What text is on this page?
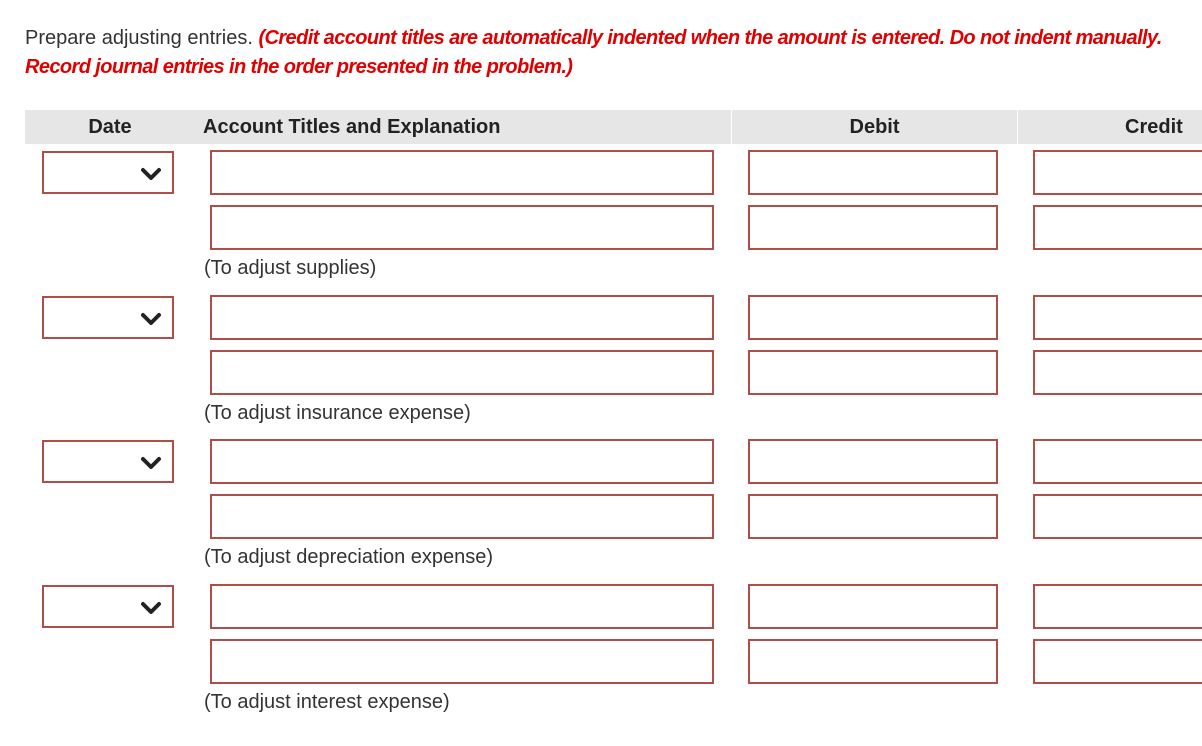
Prepare adjusting entries. (Credit account titles are automatically indented when the amount is entered. Do not indent manually. Record journal entries in the order presented in the problem.)
Date	Account Titles and Explanation	Debit	Credit
(To adjust supplies)
(To adjust insurance expense)
(To adjust depreciation expense)
(To adjust interest expense)
